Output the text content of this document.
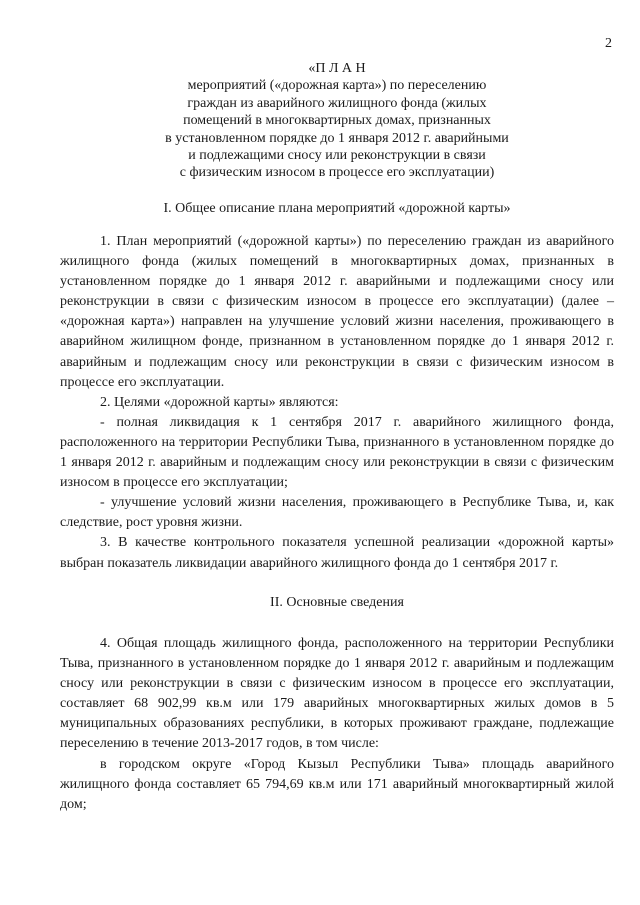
2
«П Л А Н
мероприятий («дорожная карта») по переселению
граждан из аварийного жилищного фонда (жилых
помещений в многоквартирных домах, признанных
в установленном порядке до 1 января 2012 г. аварийными
и подлежащими сносу или реконструкции в связи
с физическим износом в процессе его эксплуатации)
I. Общее описание плана мероприятий «дорожной карты»

1. План мероприятий («дорожной карты») по переселению граждан из аварийного жилищного фонда (жилых помещений в многоквартирных домах, признанных в установленном порядке до 1 января 2012 г. аварийными и подлежащими сносу или реконструкции в связи с физическим износом в процессе его эксплуатации) (далее – «дорожная карта») направлен на улучшение условий жизни населения, проживающего в аварийном жилищном фонде, признанном в установленном порядке до 1 января 2012 г. аварийным и подлежащим сносу или реконструкции в связи с физическим износом в процессе его эксплуатации.

2. Целями «дорожной карты» являются:

- полная ликвидация к 1 сентября 2017 г. аварийного жилищного фонда, расположенного на территории Республики Тыва, признанного в установленном порядке до 1 января 2012 г. аварийным и подлежащим сносу или реконструкции в связи с физическим износом в процессе его эксплуатации;

- улучшение условий жизни населения, проживающего в Республике Тыва, и, как следствие, рост уровня жизни.

3. В качестве контрольного показателя успешной реализации «дорожной карты» выбран показатель ликвидации аварийного жилищного фонда до 1 сентября 2017 г.

II. Основные сведения

4. Общая площадь жилищного фонда, расположенного на территории Республики Тыва, признанного в установленном порядке до 1 января 2012 г. аварийным и подлежащим сносу или реконструкции в связи с физическим износом в процессе его эксплуатации, составляет 68 902,99 кв.м или 179 аварийных многоквартирных жилых домов в 5 муниципальных образованиях республики, в которых проживают граждане, подлежащие переселению в течение 2013-2017 годов, в том числе:

в городском округе «Город Кызыл Республики Тыва» площадь аварийного жилищного фонда составляет 65 794,69 кв.м или 171 аварийный многоквартирный жилой дом;
